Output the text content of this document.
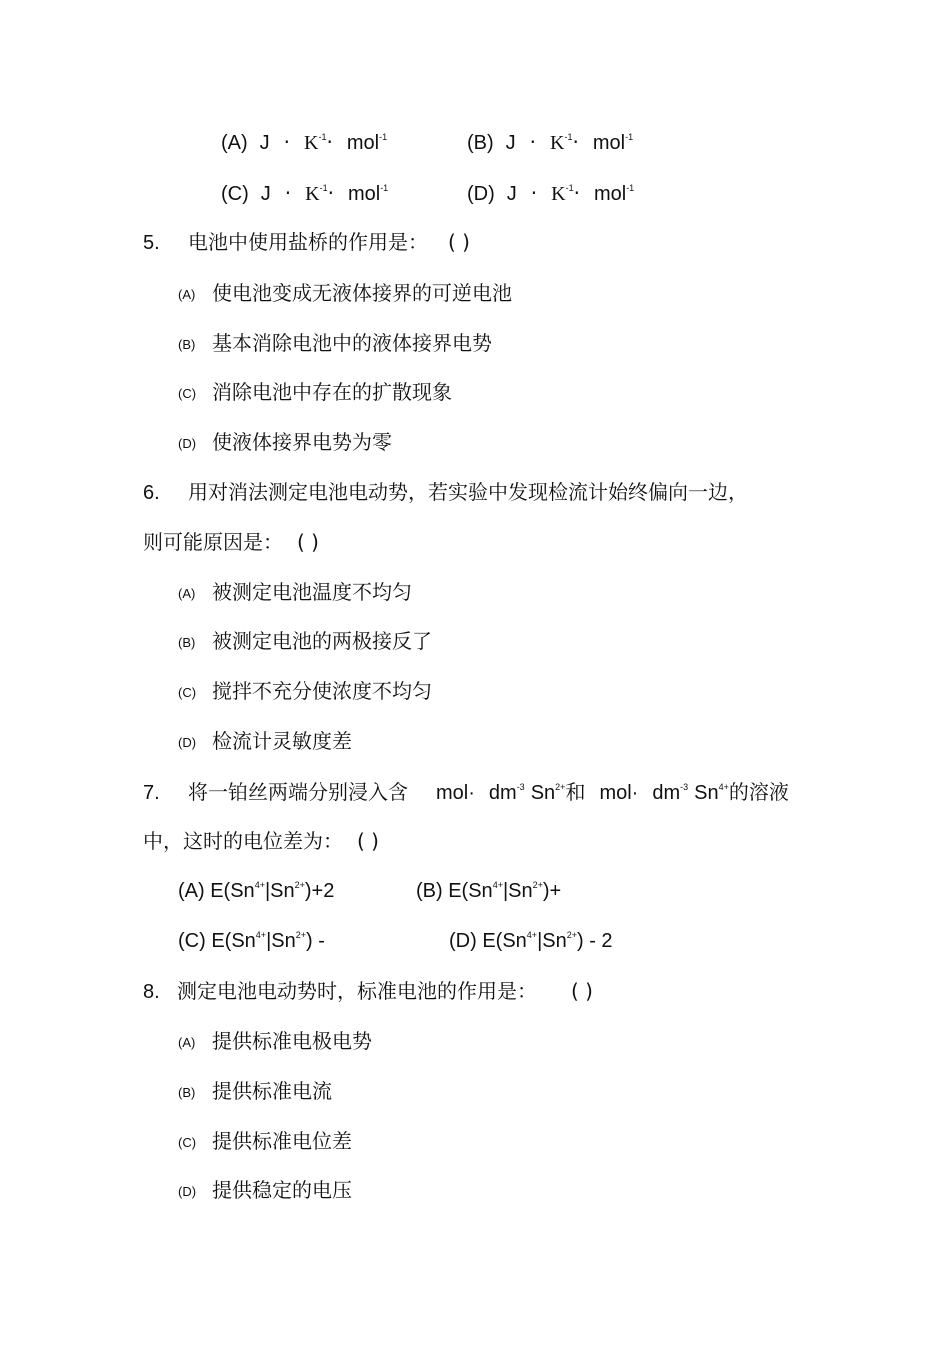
(A) $J \cdot K^{-1}\cdot mol^{-1}$	(B) $J \cdot K^{-1}\cdot mol^{-1}$
(C) $J \cdot K^{-1}\cdot mol^{-1}$	(D) $J \cdot K^{-1}\cdot mol^{-1}$
5. 电池中使用盐桥的作用是： ( )
(A) 使电池变成无液体接界的可逆电池
(B) 基本消除电池中的液体接界电势
(C) 消除电池中存在的扩散现象
(D) 使液体接界电势为零
6. 用对消法测定电池电动势，若实验中发现检流计始终偏向一边，
则可能原因是： ( )
(A) 被测定电池温度不均匀
(B) 被测定电池的两极接反了
(C) 搅拌不充分使浓度不均匀
(D) 检流计灵敏度差
7. 将一铂丝两端分别浸入含 $mol\cdot dm^{-3}$ $Sn^{2+}$和 $mol\cdot dm^{-3}$ $Sn^{4+}$的溶液
中，这时的电位差为： ( )
(A) $E(Sn^{4+}|Sn^{2+})+2$	(B) $E(Sn^{4+}|Sn^{2+})+$
(C) $E(Sn^{4+}|Sn^{2+})$ -	(D) $E(Sn^{4+}|Sn^{2+}) - 2$
8. 测定电池电动势时，标准电池的作用是： ( )
(A) 提供标准电极电势
(B) 提供标准电流
(C) 提供标准电位差
(D) 提供稳定的电压
